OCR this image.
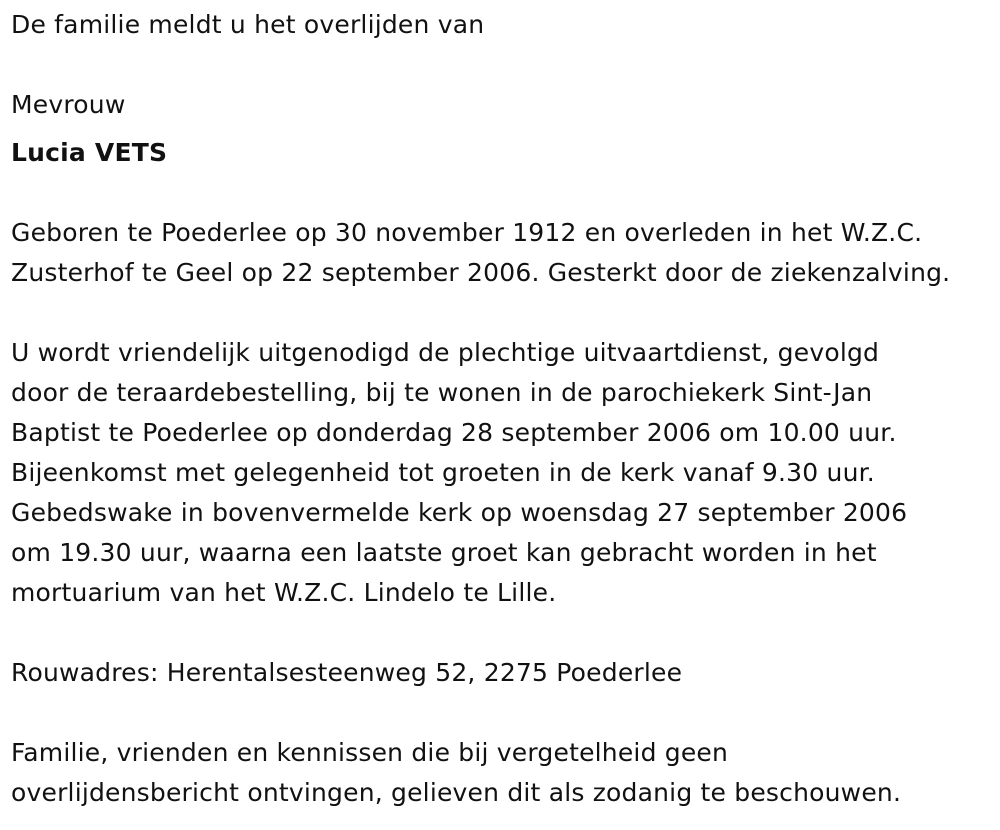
De familie meldt u het overlijden van
Mevrouw
Lucia VETS
Geboren te Poederlee op 30 november 1912 en overleden in het W.Z.C.
Zusterhof te Geel op 22 september 2006. Gesterkt door de ziekenzalving.
U wordt vriendelijk uitgenodigd de plechtige uitvaartdienst, gevolgd
door de teraardebestelling, bij te wonen in de parochiekerk Sint-Jan
Baptist te Poederlee op donderdag 28 september 2006 om 10.00 uur.
Bijeenkomst met gelegenheid tot groeten in de kerk vanaf 9.30 uur.
Gebedswake in bovenvermelde kerk op woensdag 27 september 2006
om 19.30 uur, waarna een laatste groet kan gebracht worden in het
mortuarium van het W.Z.C. Lindelo te Lille.
Rouwadres: Herentalsesteenweg 52, 2275 Poederlee
Familie, vrienden en kennissen die bij vergetelheid geen
overlijdensbericht ontvingen, gelieven dit als zodanig te beschouwen.
